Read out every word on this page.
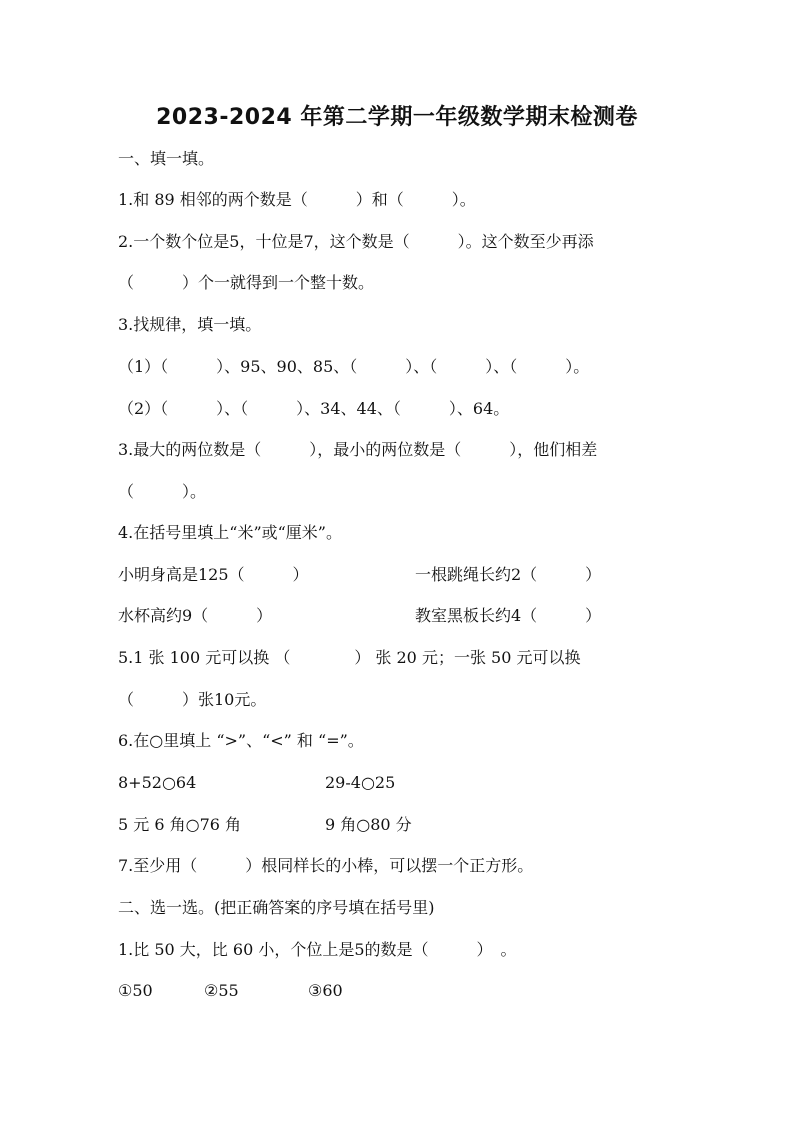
2023-2024 年第二学期一年级数学期末检测卷
一、填一填。
1.和 89 相邻的两个数是（　　　）和（　　　）。
2.一个数个位是5，十位是7，这个数是（　　　）。这个数至少再添
（　　　）个一就得到一个整十数。
3.找规律，填一填。
（1）（　　　）、95、90、85、（　　　）、（　　　）、（　　　）。
（2）（　　　）、（　　　）、34、44、（　　　）、64。
3.最大的两位数是（　　　），最小的两位数是（　　　），他们相差
（　　　）。
4.在括号里填上“米”或“厘米”。
小明身高是125（　　　）	一根跳绳长约2（　　　）
水杯高约9（　　　）	教室黑板长约4（　　　）
5.1 张 100 元可以换 （　　　　） 张 20 元；一张 50 元可以换
（　　　）张10元。
6.在○里填上 “>”、“<” 和 “=”。
8+52○64	29-4○25
5 元 6 角○76 角	9 角○80 分
7.至少用（　　　）根同样长的小棒，可以摆一个正方形。
二、选一选。(把正确答案的序号填在括号里)
1.比 50 大，比 60 小，个位上是5的数是（　　　）　。
①50	②55	③60
